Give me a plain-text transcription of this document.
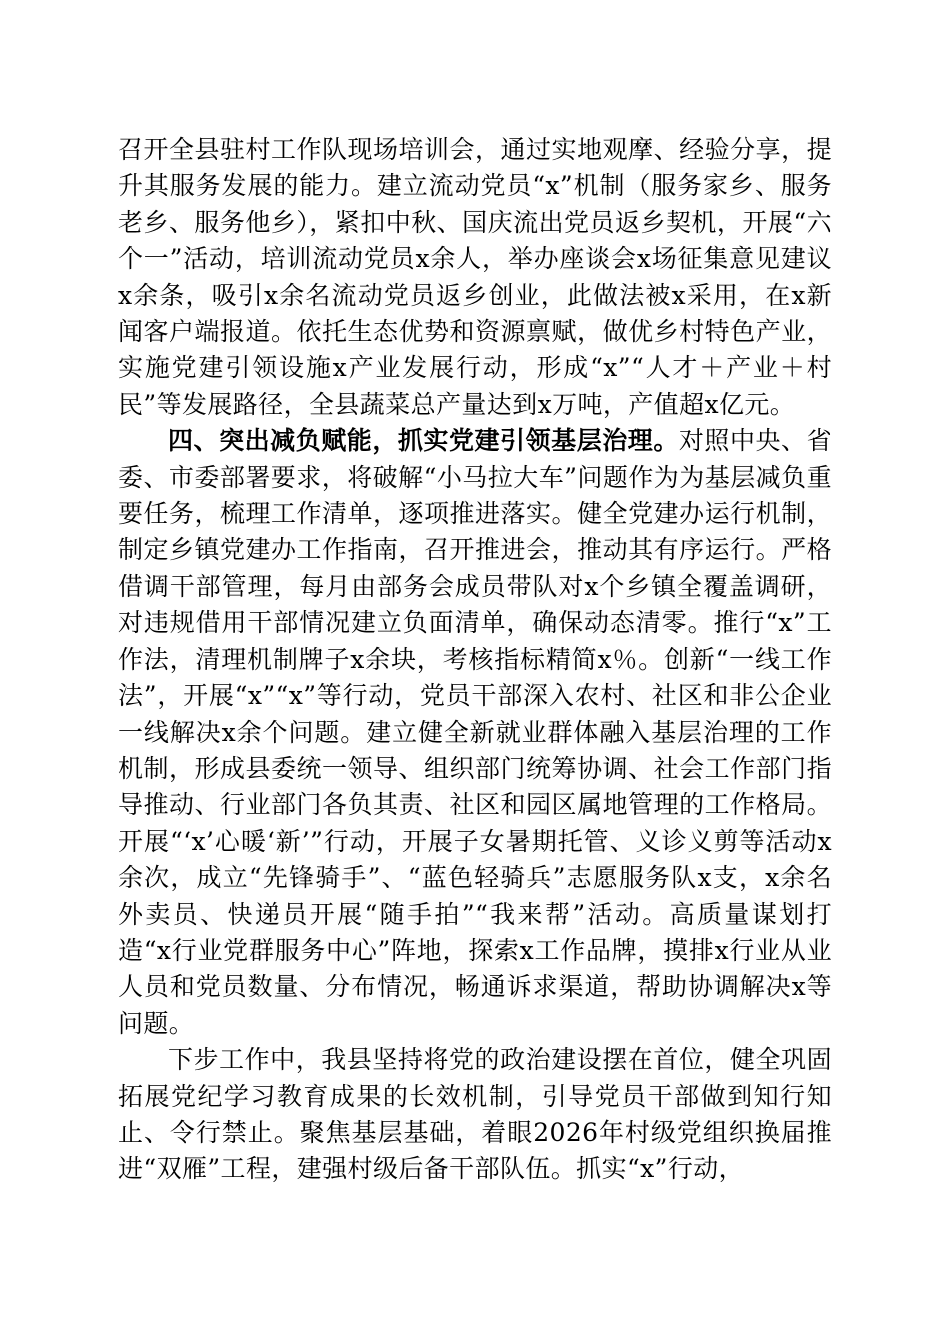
召开全县驻村工作队现场培训会，通过实地观摩、经验分享，提升其服务发展的能力。建立流动党员“x”机制（服务家乡、服务老乡、服务他乡），紧扣中秋、国庆流出党员返乡契机，开展“六个一”活动，培训流动党员x余人，举办座谈会x场征集意见建议x余条，吸引x余名流动党员返乡创业，此做法被x采用，在x新闻客户端报道。依托生态优势和资源禀赋，做优乡村特色产业，实施党建引领设施x产业发展行动，形成“x”“人才＋产业＋村民”等发展路径，全县蔬菜总产量达到x万吨，产值超x亿元。

四、突出减负赋能，抓实党建引领基层治理。对照中央、省委、市委部署要求，将破解“小马拉大车”问题作为为基层减负重要任务，梳理工作清单，逐项推进落实。健全党建办运行机制，制定乡镇党建办工作指南，召开推进会，推动其有序运行。严格借调干部管理，每月由部务会成员带队对x个乡镇全覆盖调研，对违规借用干部情况建立负面清单，确保动态清零。推行“x”工作法，清理机制牌子x余块，考核指标精简x％。创新“一线工作法”，开展“x”“x”等行动，党员干部深入农村、社区和非公企业一线解决x余个问题。建立健全新就业群体融入基层治理的工作机制，形成县委统一领导、组织部门统筹协调、社会工作部门指导推动、行业部门各负其责、社区和园区属地管理的工作格局。开展“‘x’心暖‘新’”行动，开展子女暑期托管、义诊义剪等活动x余次，成立“先锋骑手”、“蓝色轻骑兵”志愿服务队x支，x余名外卖员、快递员开展“随手拍”“我来帮”活动。高质量谋划打造“x行业党群服务中心”阵地，探索x工作品牌，摸排x行业从业人员和党员数量、分布情况，畅通诉求渠道，帮助协调解决x等问题。

下步工作中，我县坚持将党的政治建设摆在首位，健全巩固拓展党纪学习教育成果的长效机制，引导党员干部做到知行知止、令行禁止。聚焦基层基础，着眼2026年村级党组织换届推进“双雁”工程，建强村级后备干部队伍。抓实“x”行动，
